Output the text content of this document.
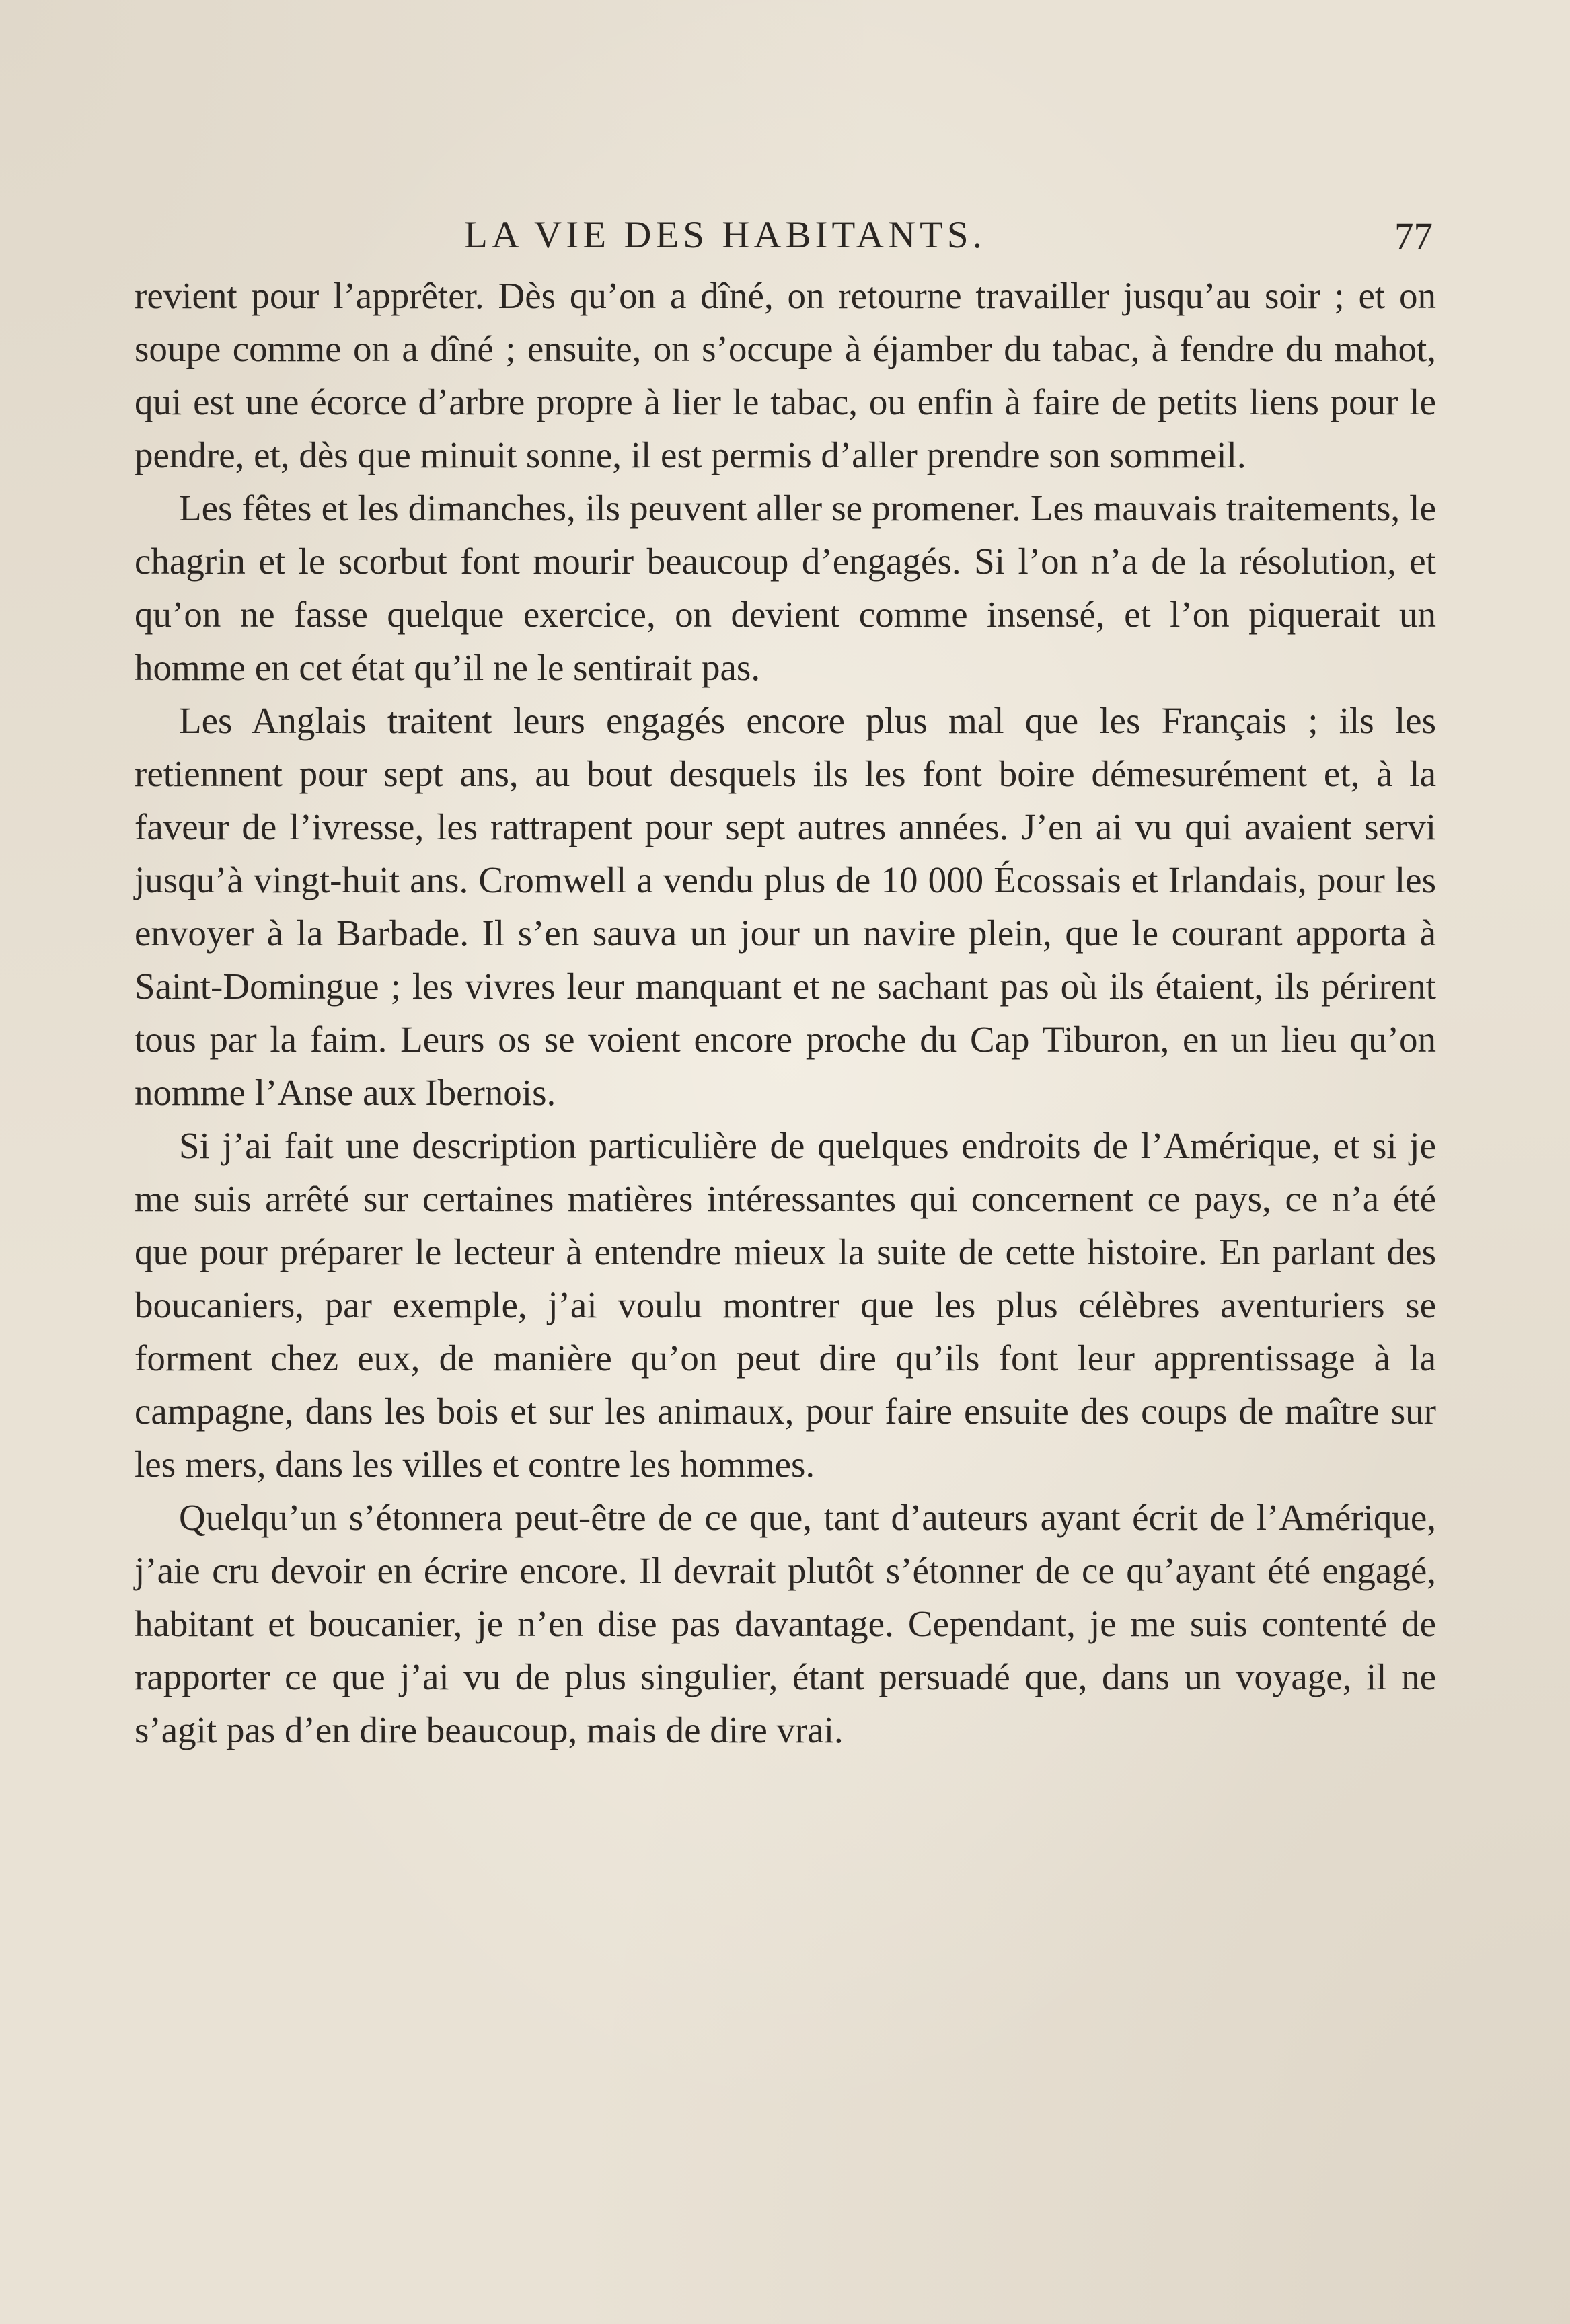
LA VIE DES HABITANTS.	77

revient pour l’apprêter. Dès qu’on a dîné, on retourne travailler jusqu’au soir ; et on soupe comme on a dîné ; ensuite, on s’occupe à éjamber du tabac, à fendre du mahot, qui est une écorce d’arbre propre à lier le tabac, ou enfin à faire de petits liens pour le pendre, et, dès que minuit sonne, il est permis d’aller prendre son sommeil.

Les fêtes et les dimanches, ils peuvent aller se promener. Les mauvais traitements, le chagrin et le scorbut font mourir beaucoup d’engagés. Si l’on n’a de la résolution, et qu’on ne fasse quelque exercice, on devient comme insensé, et l’on piquerait un homme en cet état qu’il ne le sentirait pas.

Les Anglais traitent leurs engagés encore plus mal que les Français ; ils les retiennent pour sept ans, au bout desquels ils les font boire démesurément et, à la faveur de l’ivresse, les rattrapent pour sept autres années. J’en ai vu qui avaient servi jusqu’à vingt-huit ans. Cromwell a vendu plus de 10 000 Écossais et Irlandais, pour les envoyer à la Barbade. Il s’en sauva un jour un navire plein, que le courant apporta à Saint-Domingue ; les vivres leur manquant et ne sachant pas où ils étaient, ils périrent tous par la faim. Leurs os se voient encore proche du Cap Tiburon, en un lieu qu’on nomme l’Anse aux Ibernois.

Si j’ai fait une description particulière de quelques endroits de l’Amérique, et si je me suis arrêté sur certaines matières intéressantes qui concernent ce pays, ce n’a été que pour préparer le lecteur à entendre mieux la suite de cette histoire. En parlant des boucaniers, par exemple, j’ai voulu montrer que les plus célèbres aventuriers se forment chez eux, de manière qu’on peut dire qu’ils font leur apprentissage à la campagne, dans les bois et sur les animaux, pour faire ensuite des coups de maître sur les mers, dans les villes et contre les hommes.

Quelqu’un s’étonnera peut-être de ce que, tant d’auteurs ayant écrit de l’Amérique, j’aie cru devoir en écrire encore. Il devrait plutôt s’étonner de ce qu’ayant été engagé, habitant et boucanier, je n’en dise pas davantage. Cependant, je me suis contenté de rapporter ce que j’ai vu de plus singulier, étant persuadé que, dans un voyage, il ne s’agit pas d’en dire beaucoup, mais de dire vrai.
